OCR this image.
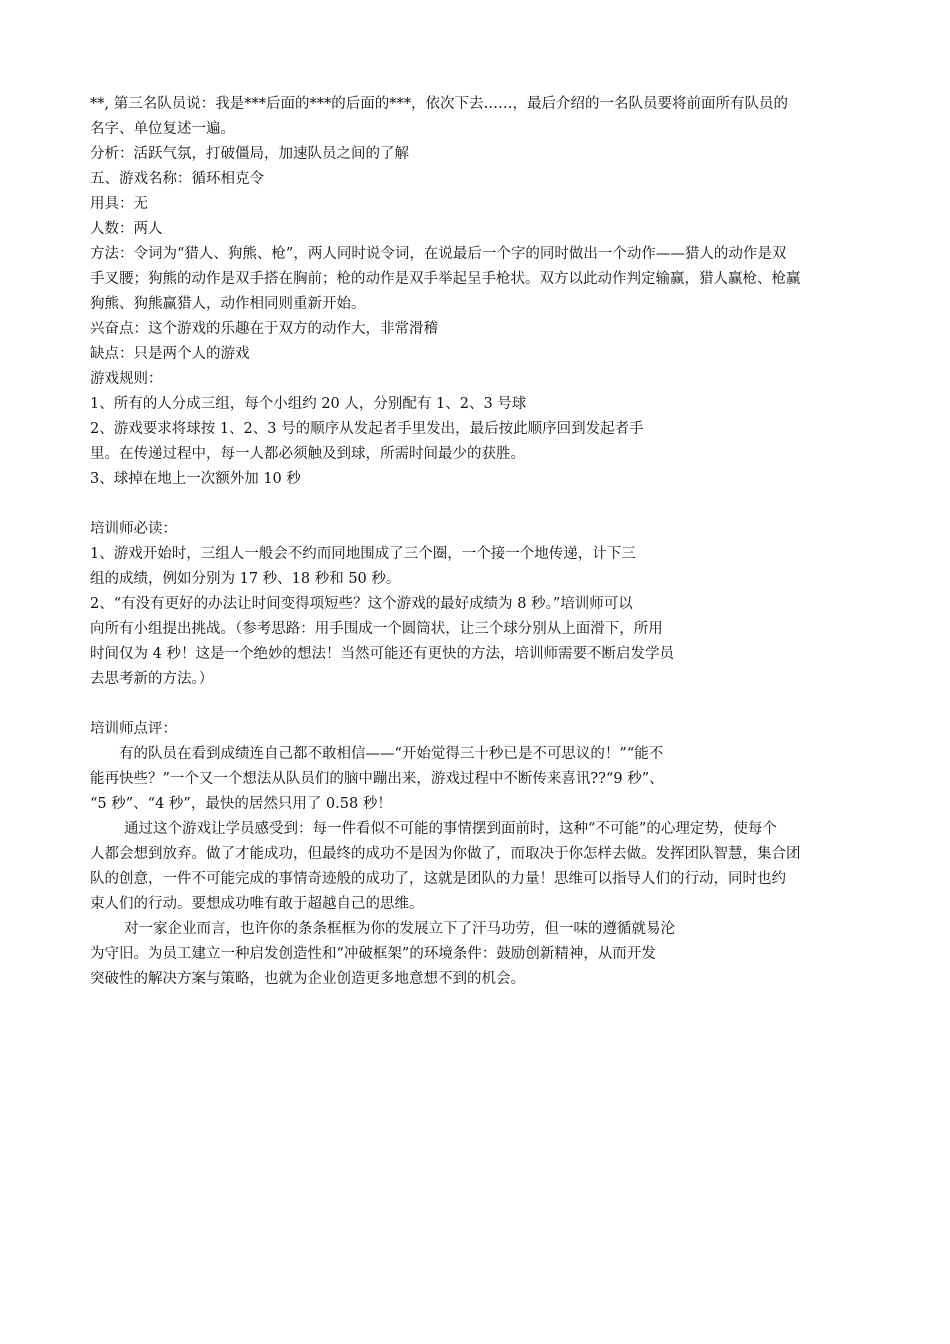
**, 第三名队员说：我是***后面的***的后面的***，依次下去……，最后介绍的一名队员要将前面所有队员的
名字、单位复述一遍。
分析：活跃气氛，打破僵局，加速队员之间的了解
五、游戏名称：循环相克令
用具：无
人数：两人
方法：令词为“猎人、狗熊、枪”，两人同时说令词，在说最后一个字的同时做出一个动作——猎人的动作是双
手叉腰；狗熊的动作是双手搭在胸前；枪的动作是双手举起呈手枪状。双方以此动作判定输赢，猎人赢枪、枪赢
狗熊、狗熊赢猎人，动作相同则重新开始。
兴奋点：这个游戏的乐趣在于双方的动作大，非常滑稽
缺点：只是两个人的游戏
游戏规则：
1、所有的人分成三组，每个小组约 20 人，分别配有 1、2、3 号球
2、游戏要求将球按 1、2、3 号的顺序从发起者手里发出，最后按此顺序回到发起者手
里。在传递过程中，每一人都必须触及到球，所需时间最少的获胜。
3、球掉在地上一次额外加 10 秒
培训师必读：
1、游戏开始时，三组人一般会不约而同地围成了三个圈，一个接一个地传递，计下三
组的成绩，例如分别为 17 秒、18 秒和 50 秒。
2、“有没有更好的办法让时间变得项短些？这个游戏的最好成绩为 8 秒。”培训师可以
向所有小组提出挑战。（参考思路：用手围成一个圆筒状，让三个球分别从上面滑下，所用
时间仅为 4 秒！这是一个绝妙的想法！当然可能还有更快的方法，培训师需要不断启发学员
去思考新的方法。）
培训师点评：
有的队员在看到成绩连自己都不敢相信——“开始觉得三十秒已是不可思议的！”“能不
能再快些？”一个又一个想法从队员们的脑中蹦出来，游戏过程中不断传来喜讯??“9 秒”、
“5 秒”、“4 秒”，最快的居然只用了 0.58 秒！
通过这个游戏让学员感受到：每一件看似不可能的事情摆到面前时，这种“不可能”的心理定势，使每个
人都会想到放弃。做了才能成功，但最终的成功不是因为你做了，而取决于你怎样去做。发挥团队智慧，集合团
队的创意，一件不可能完成的事情奇迹般的成功了，这就是团队的力量！思维可以指导人们的行动，同时也约
束人们的行动。要想成功唯有敢于超越自己的思维。
对一家企业而言，也许你的条条框框为你的发展立下了汗马功劳，但一味的遵循就易沦
为守旧。为员工建立一种启发创造性和“冲破框架”的环境条件：鼓励创新精神，从而开发
突破性的解决方案与策略，也就为企业创造更多地意想不到的机会。
